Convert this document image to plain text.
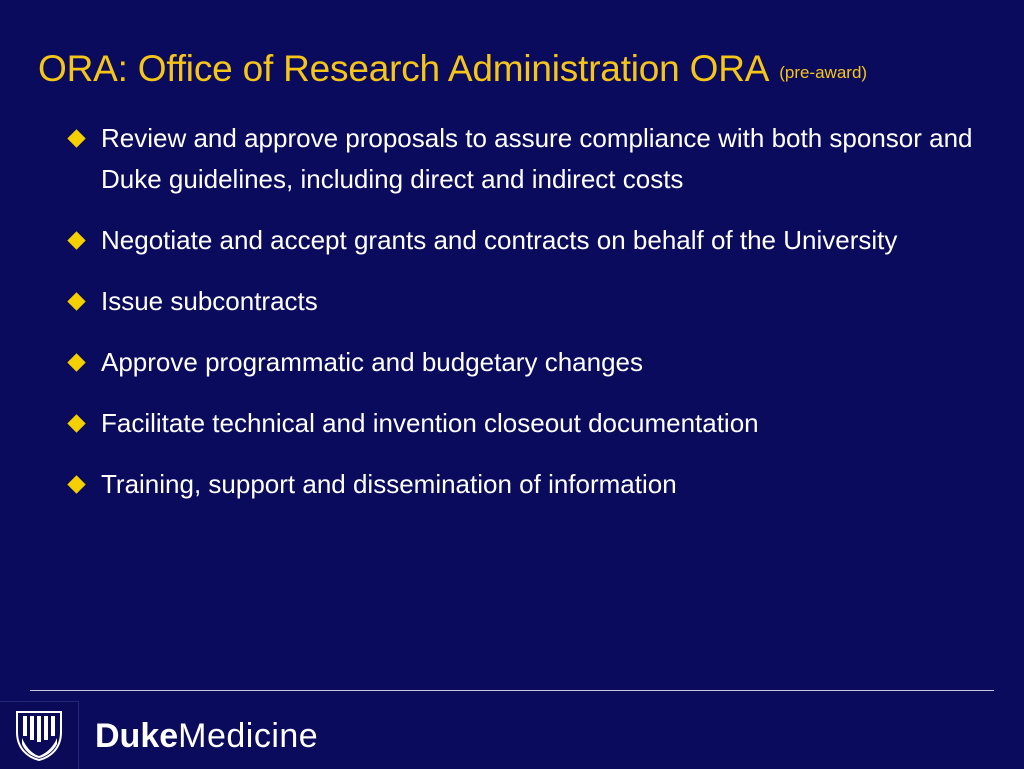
ORA: Office of Research Administration ORA (pre-award)
Review and approve proposals to assure compliance with both sponsor and Duke guidelines, including direct and indirect costs
Negotiate and accept grants and contracts on behalf of the University
Issue subcontracts
Approve programmatic and budgetary changes
Facilitate technical and invention closeout documentation
Training, support and dissemination of information
DukeMedicine
